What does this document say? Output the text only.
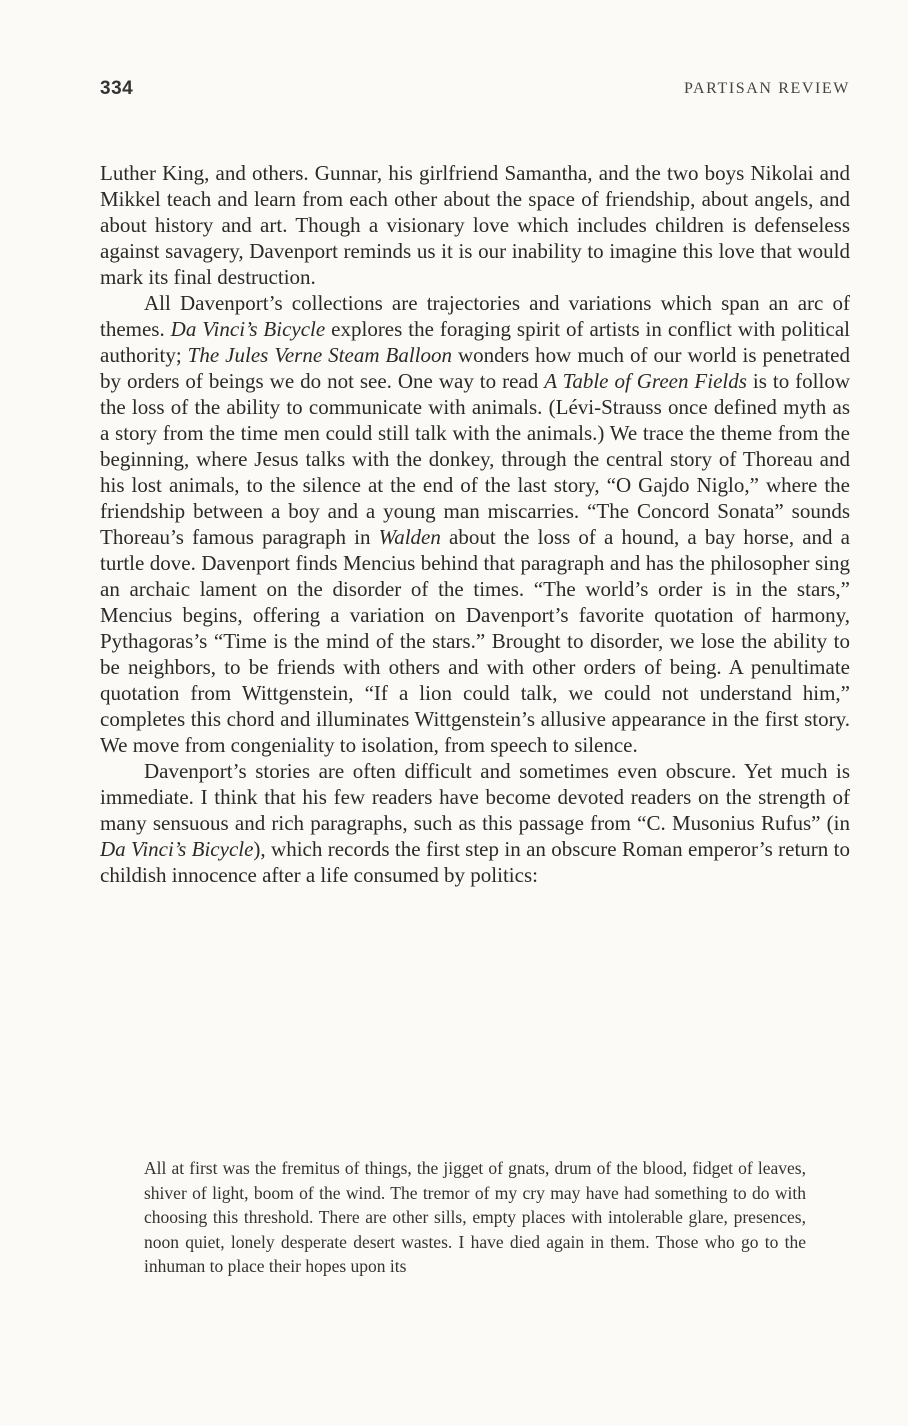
334	PARTISAN REVIEW

Luther King, and others. Gunnar, his girlfriend Samantha, and the two boys Nikolai and Mikkel teach and learn from each other about the space of friendship, about angels, and about history and art. Though a visionary love which includes children is defenseless against savagery, Davenport reminds us it is our inability to imagine this love that would mark its final destruction.

All Davenport’s collections are trajectories and variations which span an arc of themes. Da Vinci’s Bicycle explores the foraging spirit of artists in conflict with political authority; The Jules Verne Steam Balloon wonders how much of our world is penetrated by orders of beings we do not see. One way to read A Table of Green Fields is to follow the loss of the ability to communicate with animals. (Lévi-Strauss once defined myth as a story from the time men could still talk with the animals.) We trace the theme from the beginning, where Jesus talks with the donkey, through the central story of Thoreau and his lost animals, to the silence at the end of the last story, “O Gajdo Niglo,” where the friendship between a boy and a young man miscarries. “The Concord Sonata” sounds Thoreau’s famous paragraph in Walden about the loss of a hound, a bay horse, and a turtle dove. Davenport finds Mencius behind that paragraph and has the philosopher sing an archaic lament on the disorder of the times. “The world’s order is in the stars,” Mencius begins, offering a variation on Davenport’s favorite quotation of harmony, Pythagoras’s “Time is the mind of the stars.” Brought to disorder, we lose the ability to be neighbors, to be friends with others and with other orders of being. A penultimate quotation from Wittgenstein, “If a lion could talk, we could not understand him,” completes this chord and illuminates Wittgenstein’s allusive appearance in the first story. We move from congeniality to isolation, from speech to silence.

Davenport’s stories are often difficult and sometimes even obscure. Yet much is immediate. I think that his few readers have become devoted readers on the strength of many sensuous and rich paragraphs, such as this passage from “C. Musonius Rufus” (in Da Vinci’s Bicycle), which records the first step in an obscure Roman emperor’s return to childish innocence after a life consumed by politics:

All at first was the fremitus of things, the jigget of gnats, drum of the blood, fidget of leaves, shiver of light, boom of the wind. The tremor of my cry may have had something to do with choosing this threshold. There are other sills, empty places with intolerable glare, presences, noon quiet, lonely desperate desert wastes. I have died again in them. Those who go to the inhuman to place their hopes upon its
